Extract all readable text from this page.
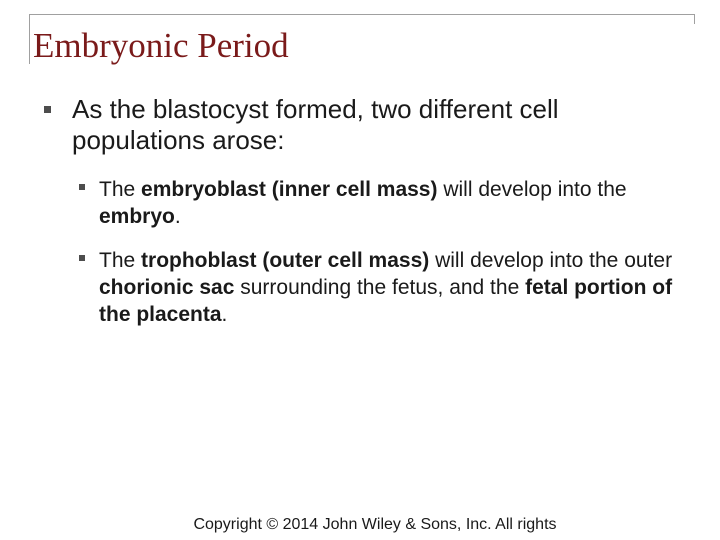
Embryonic Period
As the blastocyst formed, two different cell populations arose:
The embryoblast (inner cell mass) will develop into the embryo.
The trophoblast (outer cell mass) will develop into the outer chorionic sac surrounding the fetus, and the fetal portion of the placenta.
Copyright © 2014 John Wiley & Sons, Inc. All rights
